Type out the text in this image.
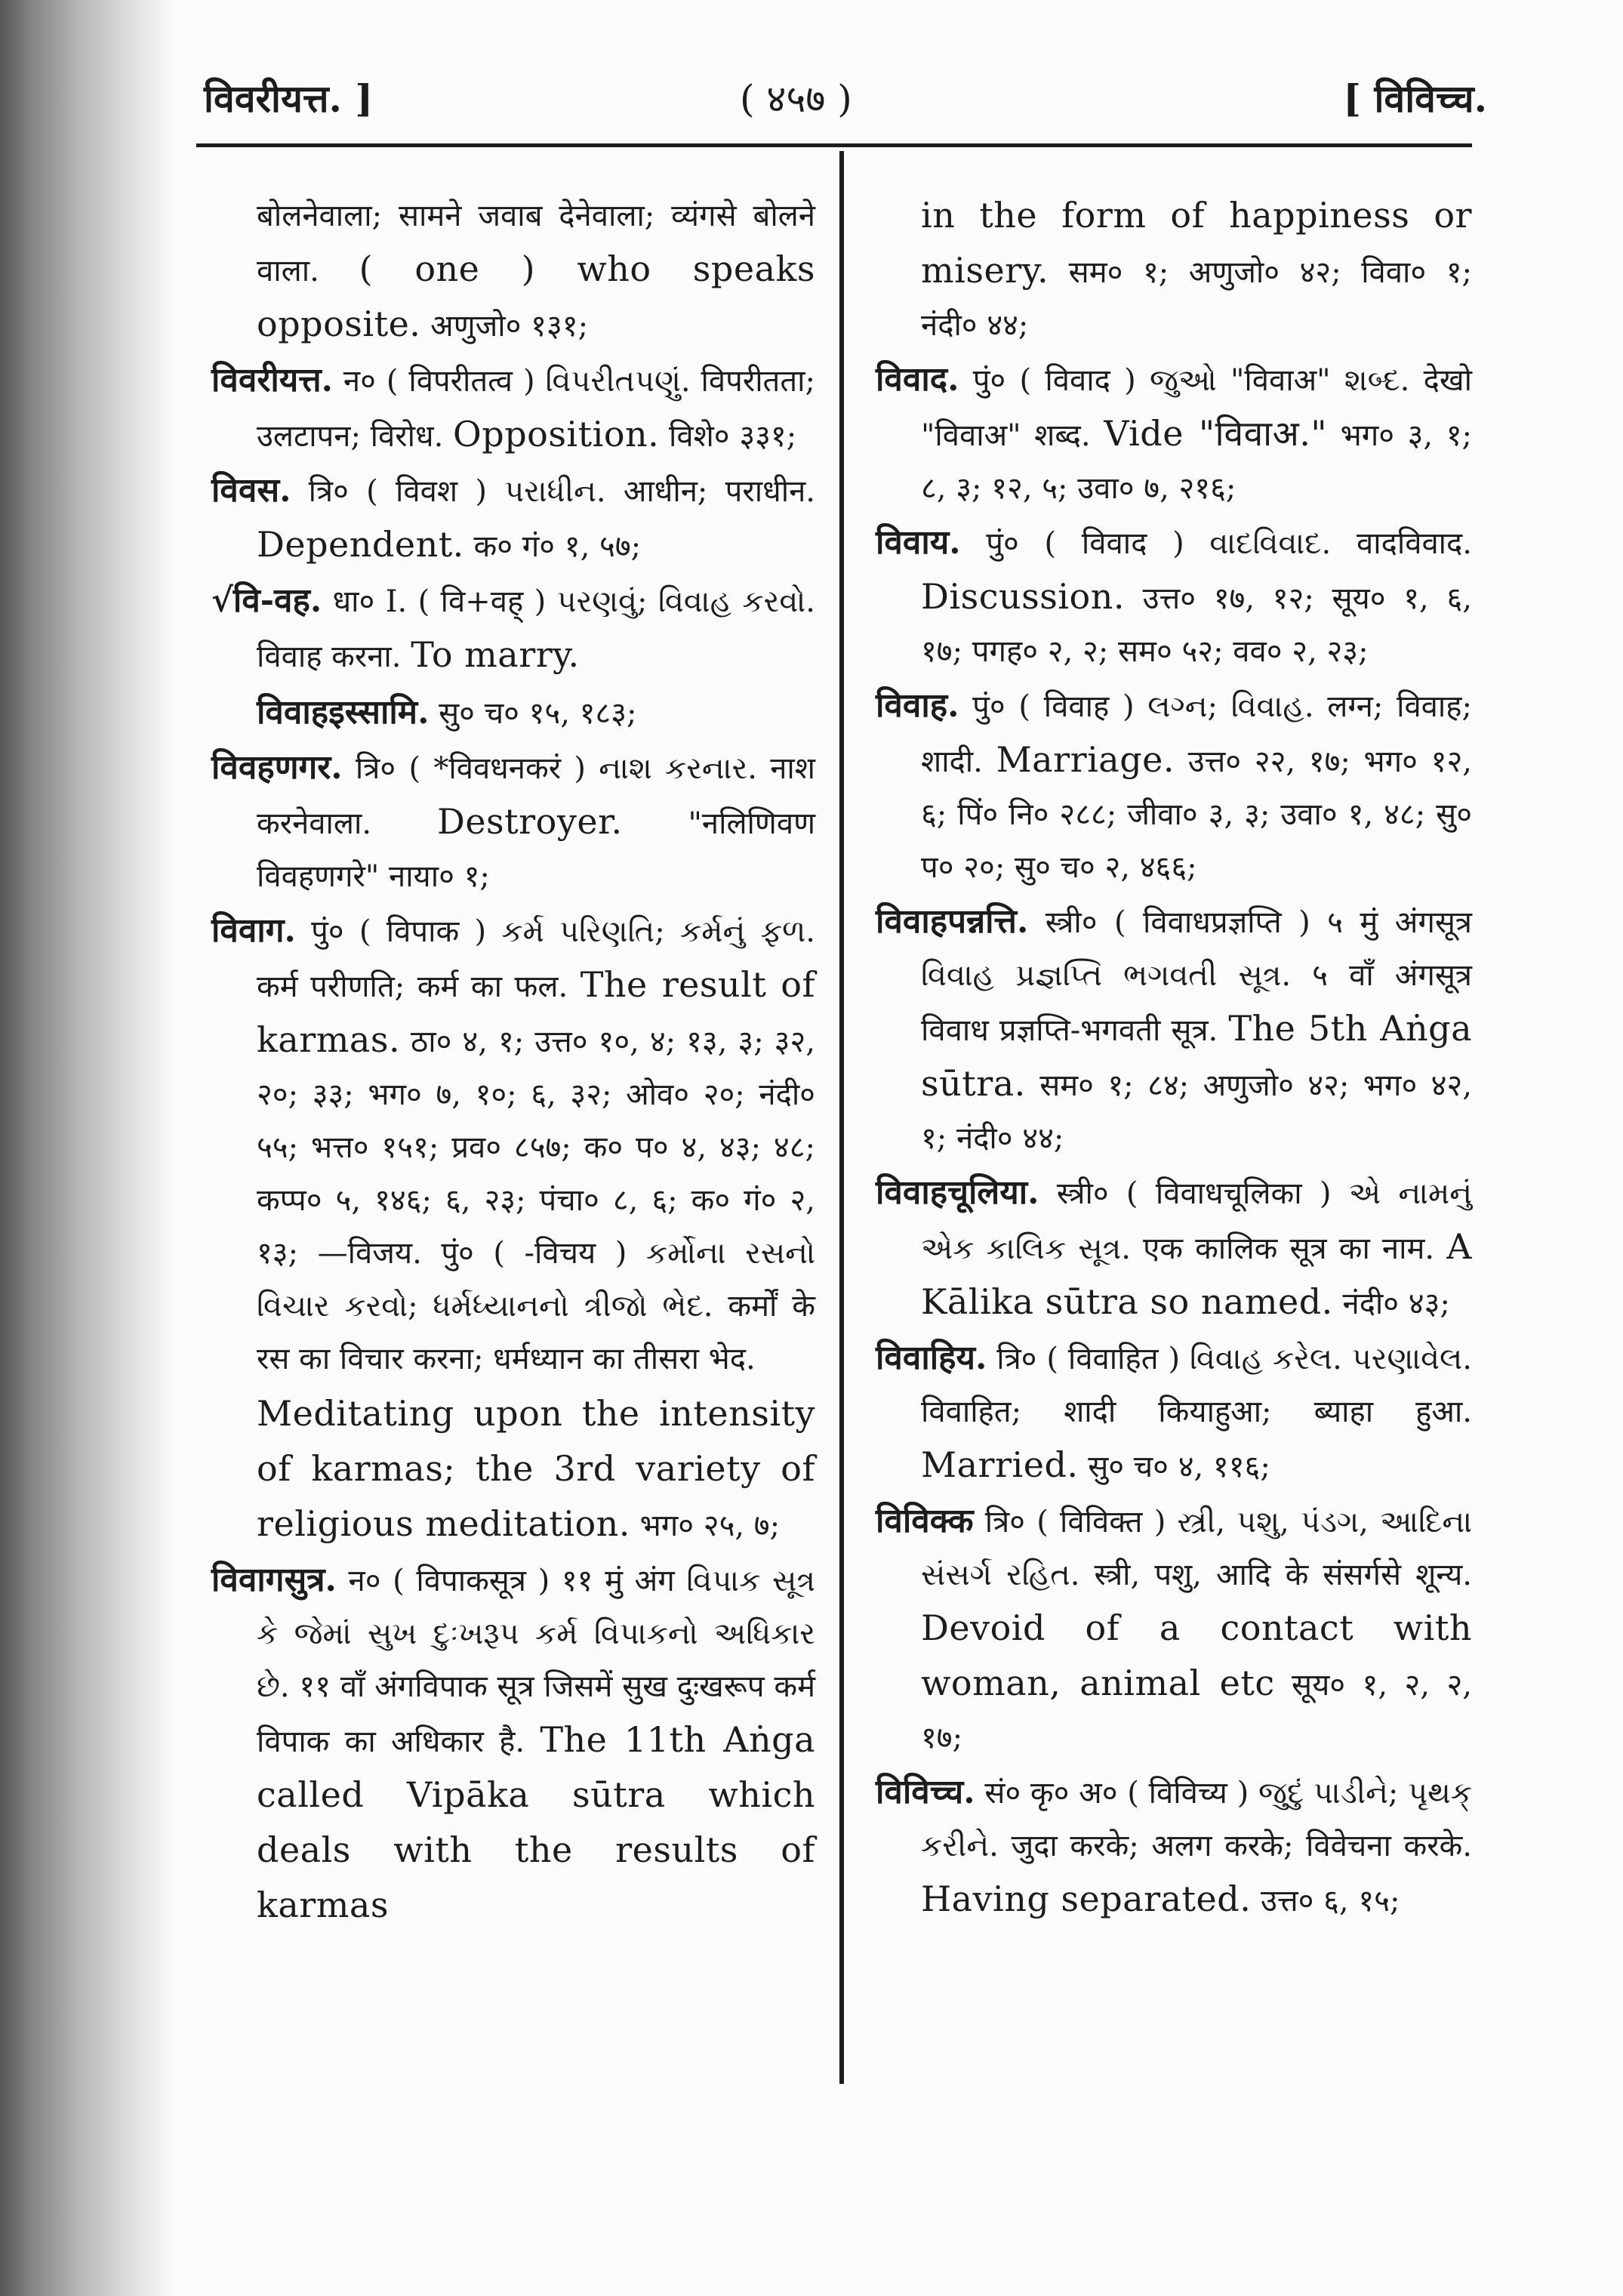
विवरीयत्त. ]	( ४५७ )	[ विविच्च.

बोलनेवाला; सामने जवाब देनेवाला; व्यंगसे बोलने वाला. ( one ) who speaks opposite. अणुजो० १३१;

विवरीयत्त. न० ( विपरीतत्व ) વિપરીતપણું. विपरीतता; उलटापन; विरोध. Opposition. विशे० ३३१;

विवस. त्रि० ( विवश ) પરાધીન. आधीन; पराधीन. Dependent. क० गं० १, ५७;

√वि-वह. धा० I. ( वि+वह् ) પરણવું; વિવાહ કરવો. विवाह करना. To marry.

विवाहइस्सामि. सु० च० १५, १८३;

विवहणगर. त्रि० ( *विवधनकरं ) નાશ કરનાર. नाश करनेवाला. Destroyer. "नलिणिवण विवहणगरे" नाया० १;

विवाग. पुं० ( विपाक ) કર્મ પરિણતિ; કર્મનું ફળ. कर्म परीणति; कर्म का फल. The result of karmas. ठा० ४, १; उत्त० १०, ४; १३, ३; ३२, २०; ३३; भग० ७, १०; ६, ३२; ओव० २०; नंदी० ५५; भत्त० १५१; प्रव० ८५७; क० प० ४, ४३; ४८; कप्प० ५, १४६; ६, २३; पंचा० ८, ६; क० गं० २, १३; —विजय. पुं० ( -विचय ) કર્મોના રસનો વિચાર કરવો; ધર્મધ્યાનનો ત્રીજો ભેદ. कर्मों के रस का विचार करना; धर्मध्यान का तीसरा भेद.

Meditating upon the intensity of karmas; the 3rd variety of religious meditation. भग० २५, ७;

विवागसुत्र. न० ( विपाकसूत्र ) ११ मुं अंग વિપાક સૂત્ર કે જેમાં સુખ દુઃખરૂપ કર્મ વિપાકનો અધિકાર છે. ११ वाँ अंगविपाक सूत्र जिसमें सुख दुःखरूप कर्म विपाक का अधिकार है. The 11th Aṅga called Vipāka sūtra which deals with the results of karmas

in the form of happiness or misery. सम० १; अणुजो० ४२; विवा० १; नंदी० ४४;

विवाद. पुं० ( विवाद ) જુઓ "विवाअ" શબ્દ. देखो "विवाअ" शब्द. Vide "विवाअ." भग० ३, १; ८, ३; १२, ५; उवा० ७, २१६;

विवाय. पुं० ( विवाद ) વાદવિવાદ. वादविवाद. Discussion. उत्त० १७, १२; सूय० १, ६, १७; पगह० २, २; सम० ५२; वव० २, २३;

विवाह. पुं० ( विवाह ) લગ્ન; વિવાહ. लग्न; विवाह; शादी. Marriage. उत्त० २२, १७; भग० १२, ६; पिं० नि० २८८; जीवा० ३, ३; उवा० १, ४८; सु० प० २०; सु० च० २, ४६६;

विवाहपन्नत्ति. स्त्री० ( विवाधप्रज्ञप्ति ) ५ मुं अंगसूत्र વિવાહ પ્રજ્ઞપ્તિ ભગવતી સૂત્ર. ५ वाँ अंगसूत्र विवाध प्रज्ञप्ति-भगवती सूत्र. The 5th Aṅga sūtra. सम० १; ८४; अणुजो० ४२; भग० ४२, १; नंदी० ४४;

विवाहचूलिया. स्त्री० ( विवाधचूलिका ) એ નામનું એક કાલિક સૂત્ર. एक कालिक सूत्र का नाम. A Kālika sūtra so named. नंदी० ४३;

विवाहिय. त्रि० ( विवाहित ) વિવાહ કરેલ. પરણાવેલ. विवाहित; शादी कियाहुआ; ब्याहा हुआ. Married. सु० च० ४, ११६;

विविक्क त्रि० ( विविक्त ) સ્ત્રી, પશુ, પંડગ, આદિના સંસર્ગ રહિત. स्त्री, पशु, आदि के संसर्गसे शून्य. Devoid of a contact with woman, animal etc सूय० १, २, २, १७;

विविच्च. सं० कृ० अ० ( विविच्य ) જુદું પાડીને; પૃથક્ કરીને. जुदा करके; अलग करके; विवेचना करके. Having separated. उत्त० ६, १५;
